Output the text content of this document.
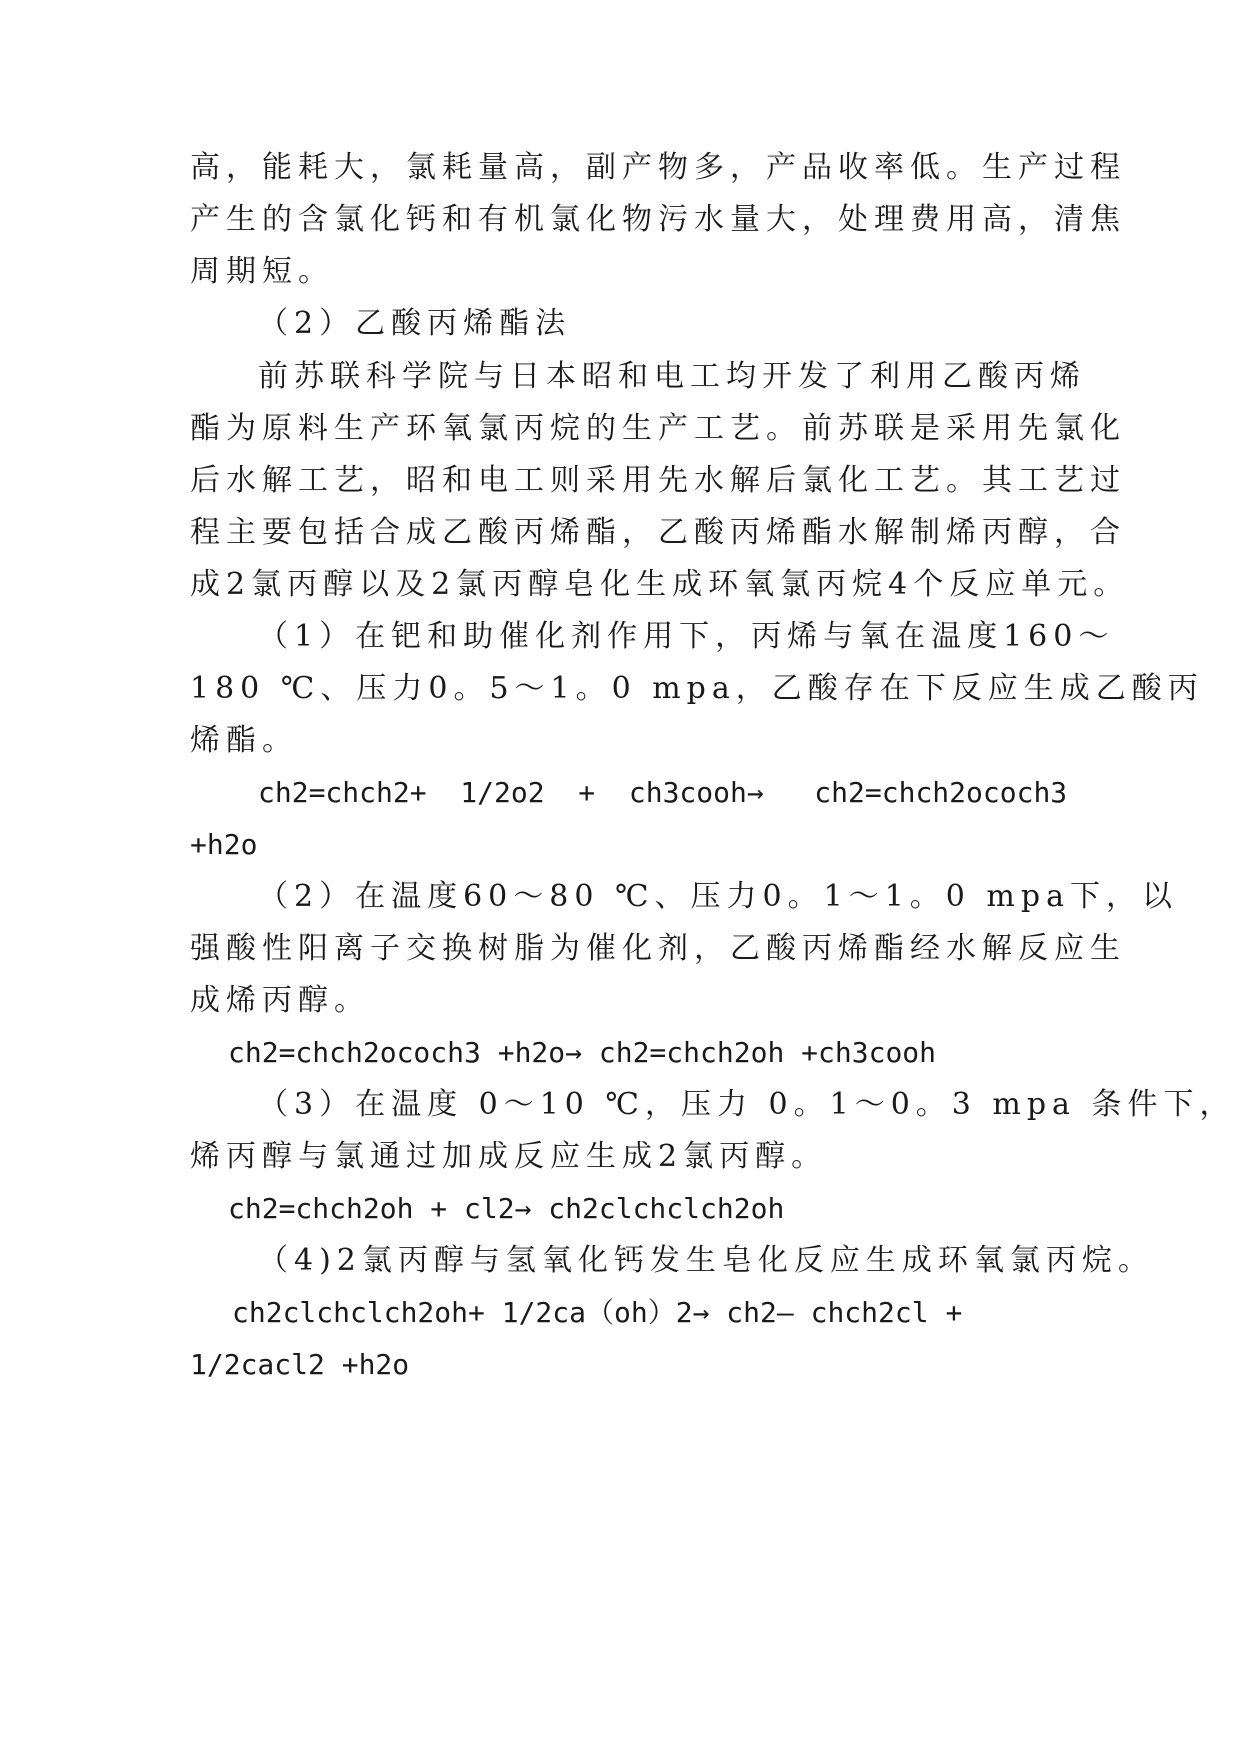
高，能耗大，氯耗量高，副产物多，产品收率低。生产过程
产生的含氯化钙和有机氯化物污水量大，处理费用高，清焦
周期短。
（2）乙酸丙烯酯法
前苏联科学院与日本昭和电工均开发了利用乙酸丙烯
酯为原料生产环氧氯丙烷的生产工艺。前苏联是采用先氯化
后水解工艺，昭和电工则采用先水解后氯化工艺。其工艺过
程主要包括合成乙酸丙烯酯，乙酸丙烯酯水解制烯丙醇，合
成2氯丙醇以及2氯丙醇皂化生成环氧氯丙烷4个反应单元。
（1）在钯和助催化剂作用下，丙烯与氧在温度160～
180 ℃、压力0。5～1。0 mpa，乙酸存在下反应生成乙酸丙
烯酯。
ch2=chch2+  1/2o2  +  ch3cooh→   ch2=chch2ococh3
+h2o
（2）在温度60～80 ℃、压力0。1～1。0 mpa下，以
强酸性阳离子交换树脂为催化剂，乙酸丙烯酯经水解反应生
成烯丙醇。
ch2=chch2ococh3 +h2o→ ch2=chch2oh +ch3cooh
（3）在温度 0～10 ℃，压力 0。1～0。3 mpa 条件下，
烯丙醇与氯通过加成反应生成2氯丙醇。
ch2=chch2oh + cl2→ ch2clchclch2oh
（4)2氯丙醇与氢氧化钙发生皂化反应生成环氧氯丙烷。
ch2clchclch2oh+ 1/2ca（oh）2→ ch2— chch2cl +
1/2cacl2 +h2o
